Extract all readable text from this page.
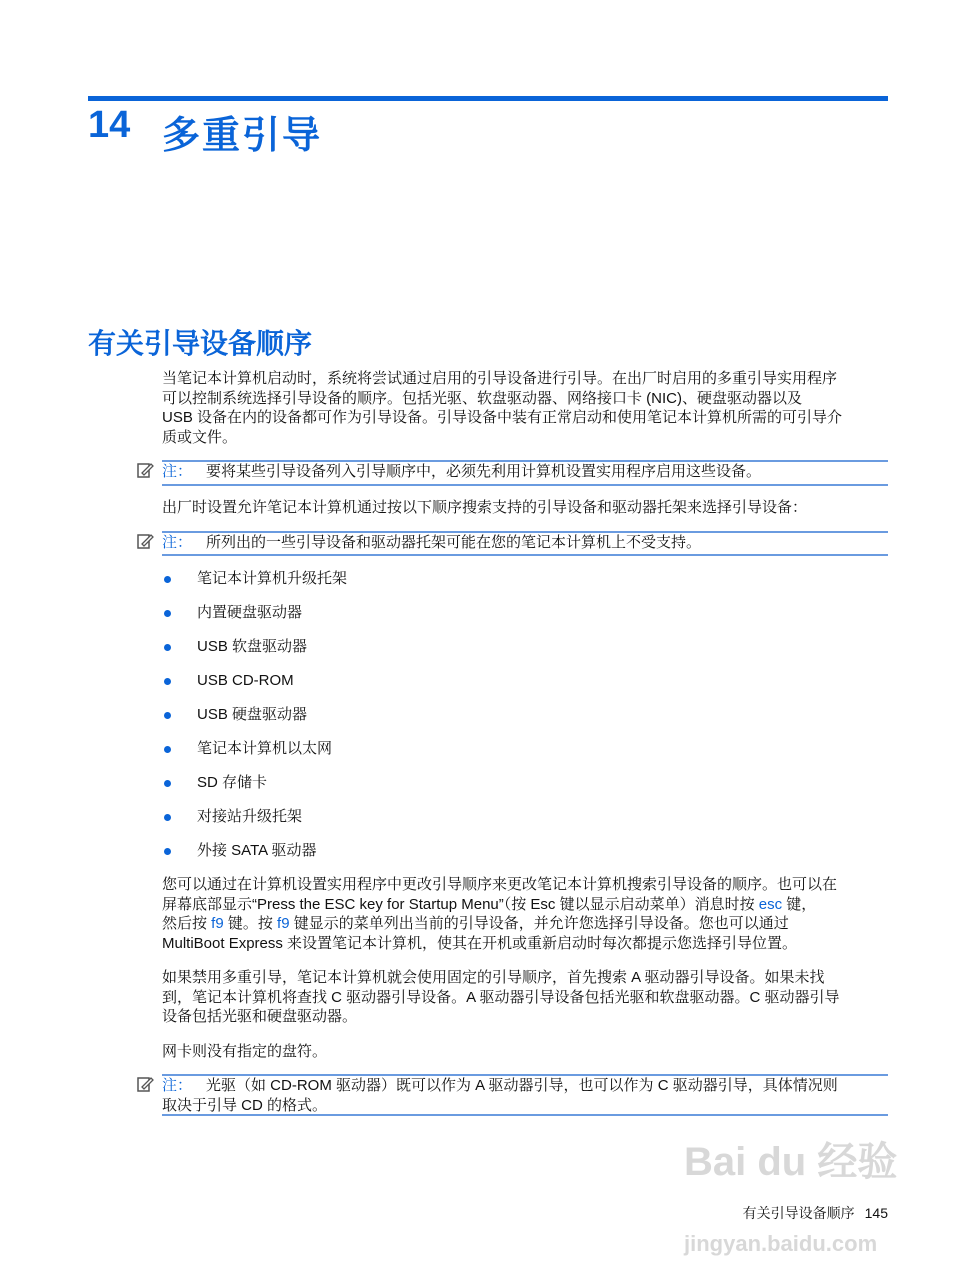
14 多重引导
有关引导设备顺序
当笔记本计算机启动时，系统将尝试通过启用的引导设备进行引导。在出厂时启用的多重引导实用程序
可以控制系统选择引导设备的顺序。包括光驱、软盘驱动器、网络接口卡 (NIC)、硬盘驱动器以及
USB 设备在内的设备都可作为引导设备。引导设备中装有正常启动和使用笔记本计算机所需的可引导介
质或文件。
注： 要将某些引导设备列入引导顺序中，必须先利用计算机设置实用程序启用这些设备。
出厂时设置允许笔记本计算机通过按以下顺序搜索支持的引导设备和驱动器托架来选择引导设备：
注： 所列出的一些引导设备和驱动器托架可能在您的笔记本计算机上不受支持。
笔记本计算机升级托架
内置硬盘驱动器
USB 软盘驱动器
USB CD-ROM
USB 硬盘驱动器
笔记本计算机以太网
SD 存储卡
对接站升级托架
外接 SATA 驱动器
您可以通过在计算机设置实用程序中更改引导顺序来更改笔记本计算机搜索引导设备的顺序。也可以在
屏幕底部显示“Press the ESC key for Startup Menu”（按 Esc 键以显示启动菜单）消息时按 esc 键，
然后按 f9 键。按 f9 键显示的菜单列出当前的引导设备，并允许您选择引导设备。您也可以通过
MultiBoot Express 来设置笔记本计算机，使其在开机或重新启动时每次都提示您选择引导位置。
如果禁用多重引导，笔记本计算机就会使用固定的引导顺序，首先搜索 A 驱动器引导设备。如果未找
到，笔记本计算机将查找 C 驱动器引导设备。A 驱动器引导设备包括光驱和软盘驱动器。C 驱动器引导
设备包括光驱和硬盘驱动器。
网卡则没有指定的盘符。
注： 光驱（如 CD-ROM 驱动器）既可以作为 A 驱动器引导，也可以作为 C 驱动器引导，具体情况则
取决于引导 CD 的格式。
Bai du 经验
jingyan.baidu.com
有关引导设备顺序 145
